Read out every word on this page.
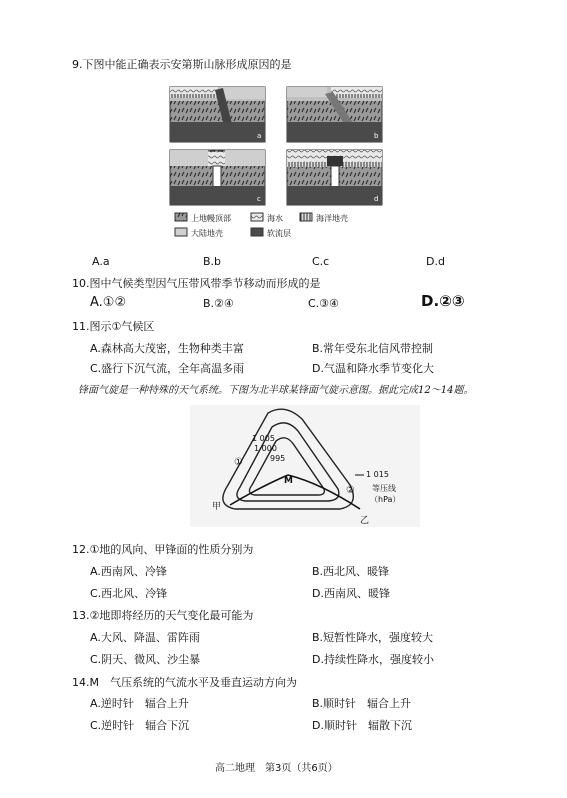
9.下图中能正确表示安第斯山脉形成原因的是
a	b
c	d
上地幔顶部	海水	海洋地壳
大陆地壳	软流层
A.a	B.b	C.c	D.d
10.图中气候类型因气压带风带季节移动而形成的是
A.①②	B.②④	C.③④	D.②③
11.图示①气候区
A.森林高大茂密，生物种类丰富	B.常年受东北信风带控制
C.盛行下沉气流，全年高温多雨	D.气温和降水季节变化大
锋面气旋是一种特殊的天气系统。下图为北半球某锋面气旋示意图。据此完成12～14题。
1 005
1 000
995
1 015
M
①
②
甲
乙
等压线
（hPa）
12.①地的风向、甲锋面的性质分别为
A.西南风、冷锋	B.西北风、暖锋
C.西北风、冷锋	D.西南风、暖锋
13.②地即将经历的天气变化最可能为
A.大风、降温、雷阵雨	B.短暂性降水，强度较大
C.阴天、微风、沙尘暴	D.持续性降水，强度较小
14.M　气压系统的气流水平及垂直运动方向为
A.逆时针　辐合上升	B.顺时针　辐合上升
C.逆时针　辐合下沉	D.顺时针　辐散下沉
高二地理　第3页（共6页）
